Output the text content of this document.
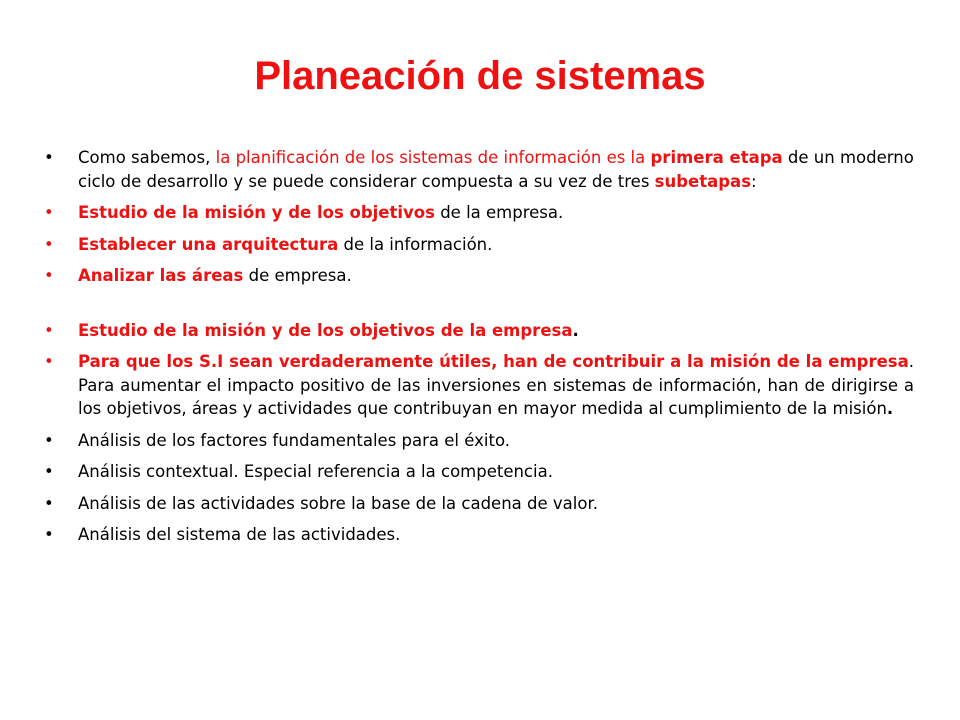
Planeación de sistemas
• Como sabemos, la planificación de los sistemas de información es la primera etapa de un moderno ciclo de desarrollo y se puede considerar compuesta a su vez de tres subetapas:
• Estudio de la misión y de los objetivos de la empresa.
• Establecer una arquitectura de la información.
• Analizar las áreas de empresa.
• Estudio de la misión y de los objetivos de la empresa.
• Para que los S.I sean verdaderamente útiles, han de contribuir a la misión de la empresa. Para aumentar el impacto positivo de las inversiones en sistemas de información, han de dirigirse a los objetivos, áreas y actividades que contribuyan en mayor medida al cumplimiento de la misión.
• Análisis de los factores fundamentales para el éxito.
• Análisis contextual. Especial referencia a la competencia.
• Análisis de las actividades sobre la base de la cadena de valor.
• Análisis del sistema de las actividades.
